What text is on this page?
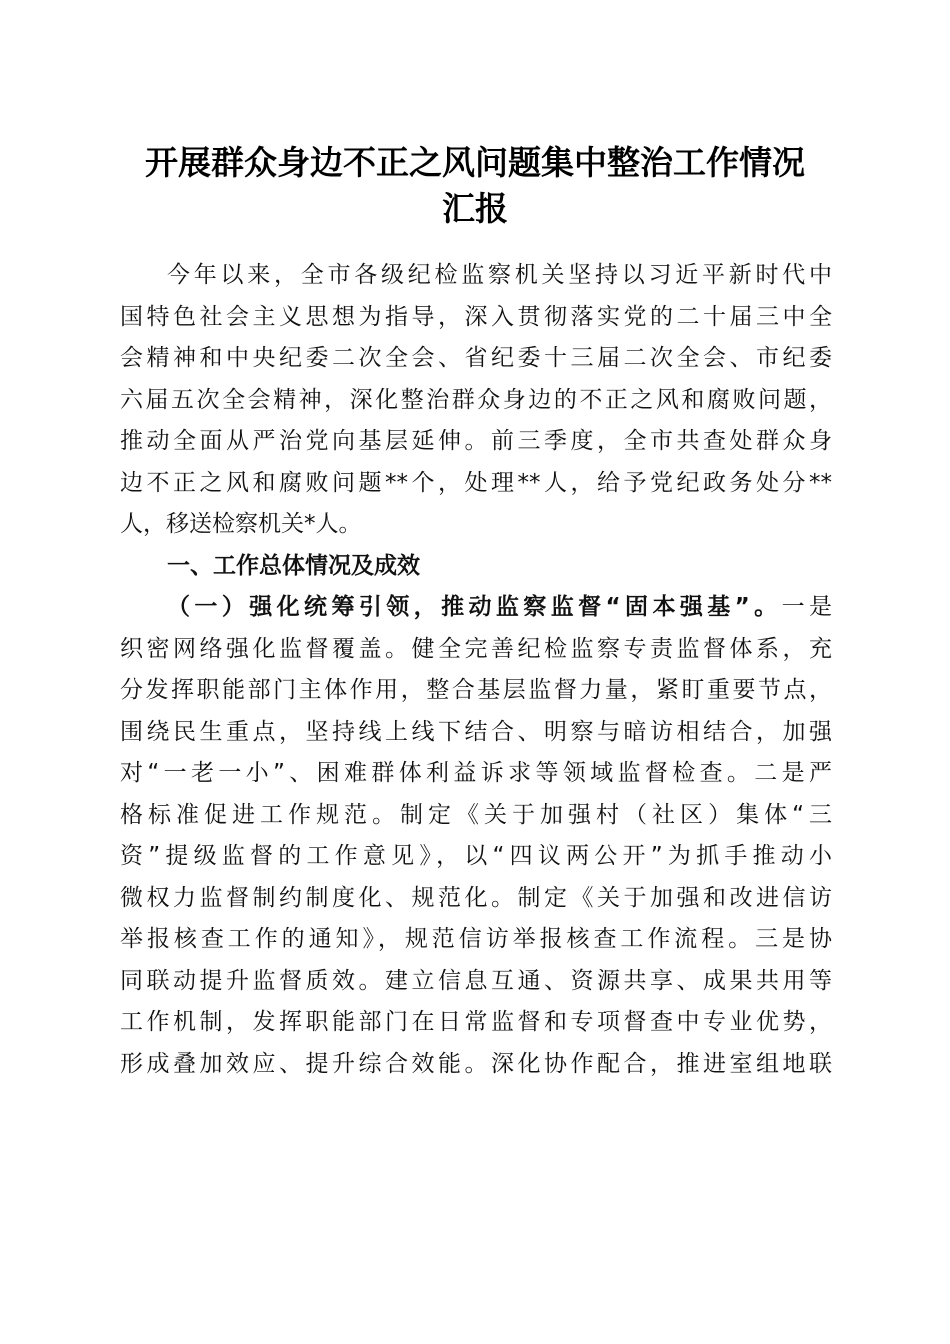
开展群众身边不正之风问题集中整治工作情况
汇报
今年以来，全市各级纪检监察机关坚持以习近平新时代中
国特色社会主义思想为指导，深入贯彻落实党的二十届三中全
会精神和中央纪委二次全会、省纪委十三届二次全会、市纪委
六届五次全会精神，深化整治群众身边的不正之风和腐败问题，
推动全面从严治党向基层延伸。前三季度，全市共查处群众身
边不正之风和腐败问题**个，处理**人，给予党纪政务处分**
人，移送检察机关*人。
一、工作总体情况及成效
（一）强化统筹引领，推动监察监督“固本强基”。一是
织密网络强化监督覆盖。健全完善纪检监察专责监督体系，充
分发挥职能部门主体作用，整合基层监督力量，紧盯重要节点，
围绕民生重点，坚持线上线下结合、明察与暗访相结合，加强
对“一老一小”、困难群体利益诉求等领域监督检查。二是严
格标准促进工作规范。制定《关于加强村（社区）集体“三
资”提级监督的工作意见》，以“四议两公开”为抓手推动小
微权力监督制约制度化、规范化。制定《关于加强和改进信访
举报核查工作的通知》，规范信访举报核查工作流程。三是协
同联动提升监督质效。建立信息互通、资源共享、成果共用等
工作机制，发挥职能部门在日常监督和专项督查中专业优势，
形成叠加效应、提升综合效能。深化协作配合，推进室组地联
